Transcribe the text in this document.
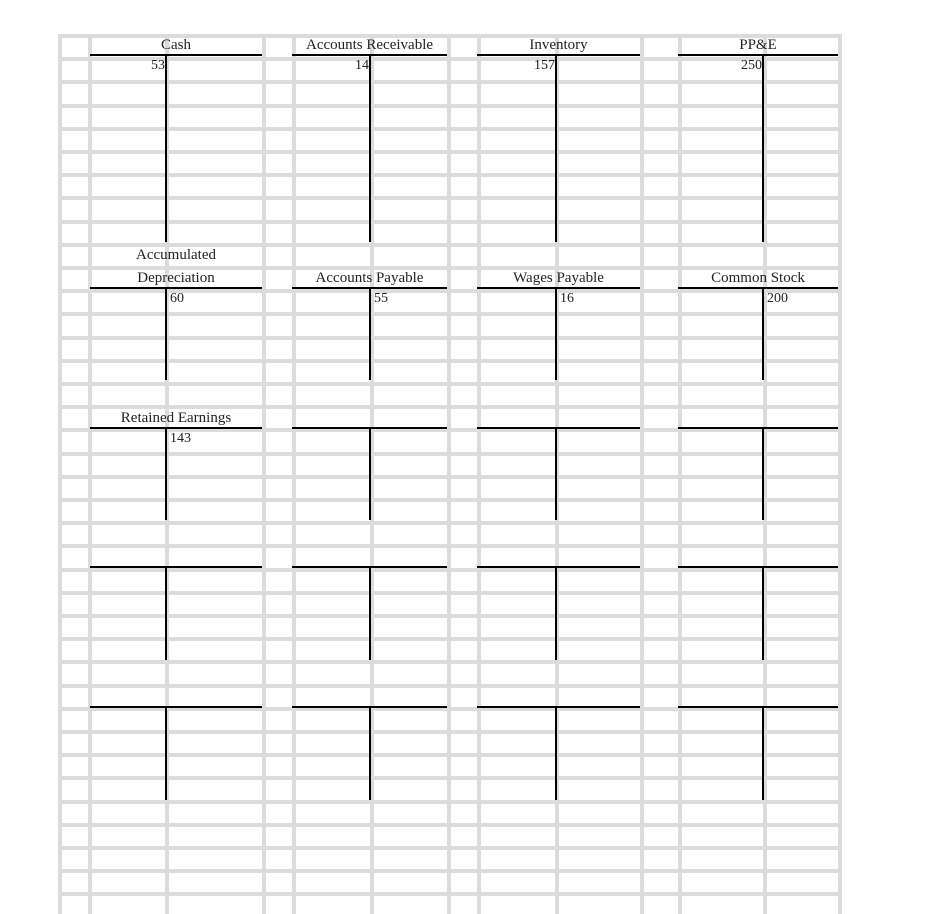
Cash
53
Accounts Receivable
14
Inventory
157
PP&E
250
Accumulated
Depreciation
60
Accounts Payable
55
Wages Payable
16
Common Stock
200
Retained Earnings
143
